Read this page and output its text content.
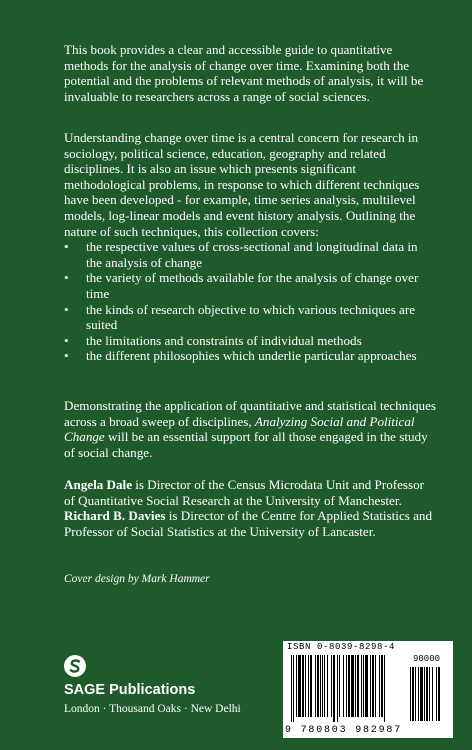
This book provides a clear and accessible guide to quantitative methods for the analysis of change over time. Examining both the potential and the problems of relevant methods of analysis, it will be invaluable to researchers across a range of social sciences.

Understanding change over time is a central concern for research in sociology, political science, education, geography and related disciplines. It is also an issue which presents significant methodological problems, in response to which different techniques have been developed - for example, time series analysis, multilevel models, log-linear models and event history analysis. Outlining the nature of such techniques, this collection covers:

• the respective values of cross-sectional and longitudinal data in the analysis of change
• the variety of methods available for the analysis of change over time
• the kinds of research objective to which various techniques are suited
• the limitations and constraints of individual methods
• the different philosophies which underlie particular approaches

Demonstrating the application of quantitative and statistical techniques across a broad sweep of disciplines, Analyzing Social and Political Change will be an essential support for all those engaged in the study of social change.

Angela Dale is Director of the Census Microdata Unit and Professor of Quantitative Social Research at the University of Manchester.

Richard B. Davies is Director of the Centre for Applied Statistics and Professor of Social Statistics at the University of Lancaster.

Cover design by Mark Hammer
SAGE Publications
London · Thousand Oaks · New Delhi
ISBN 0-8039-8298-4
90000
9 780803 982987
